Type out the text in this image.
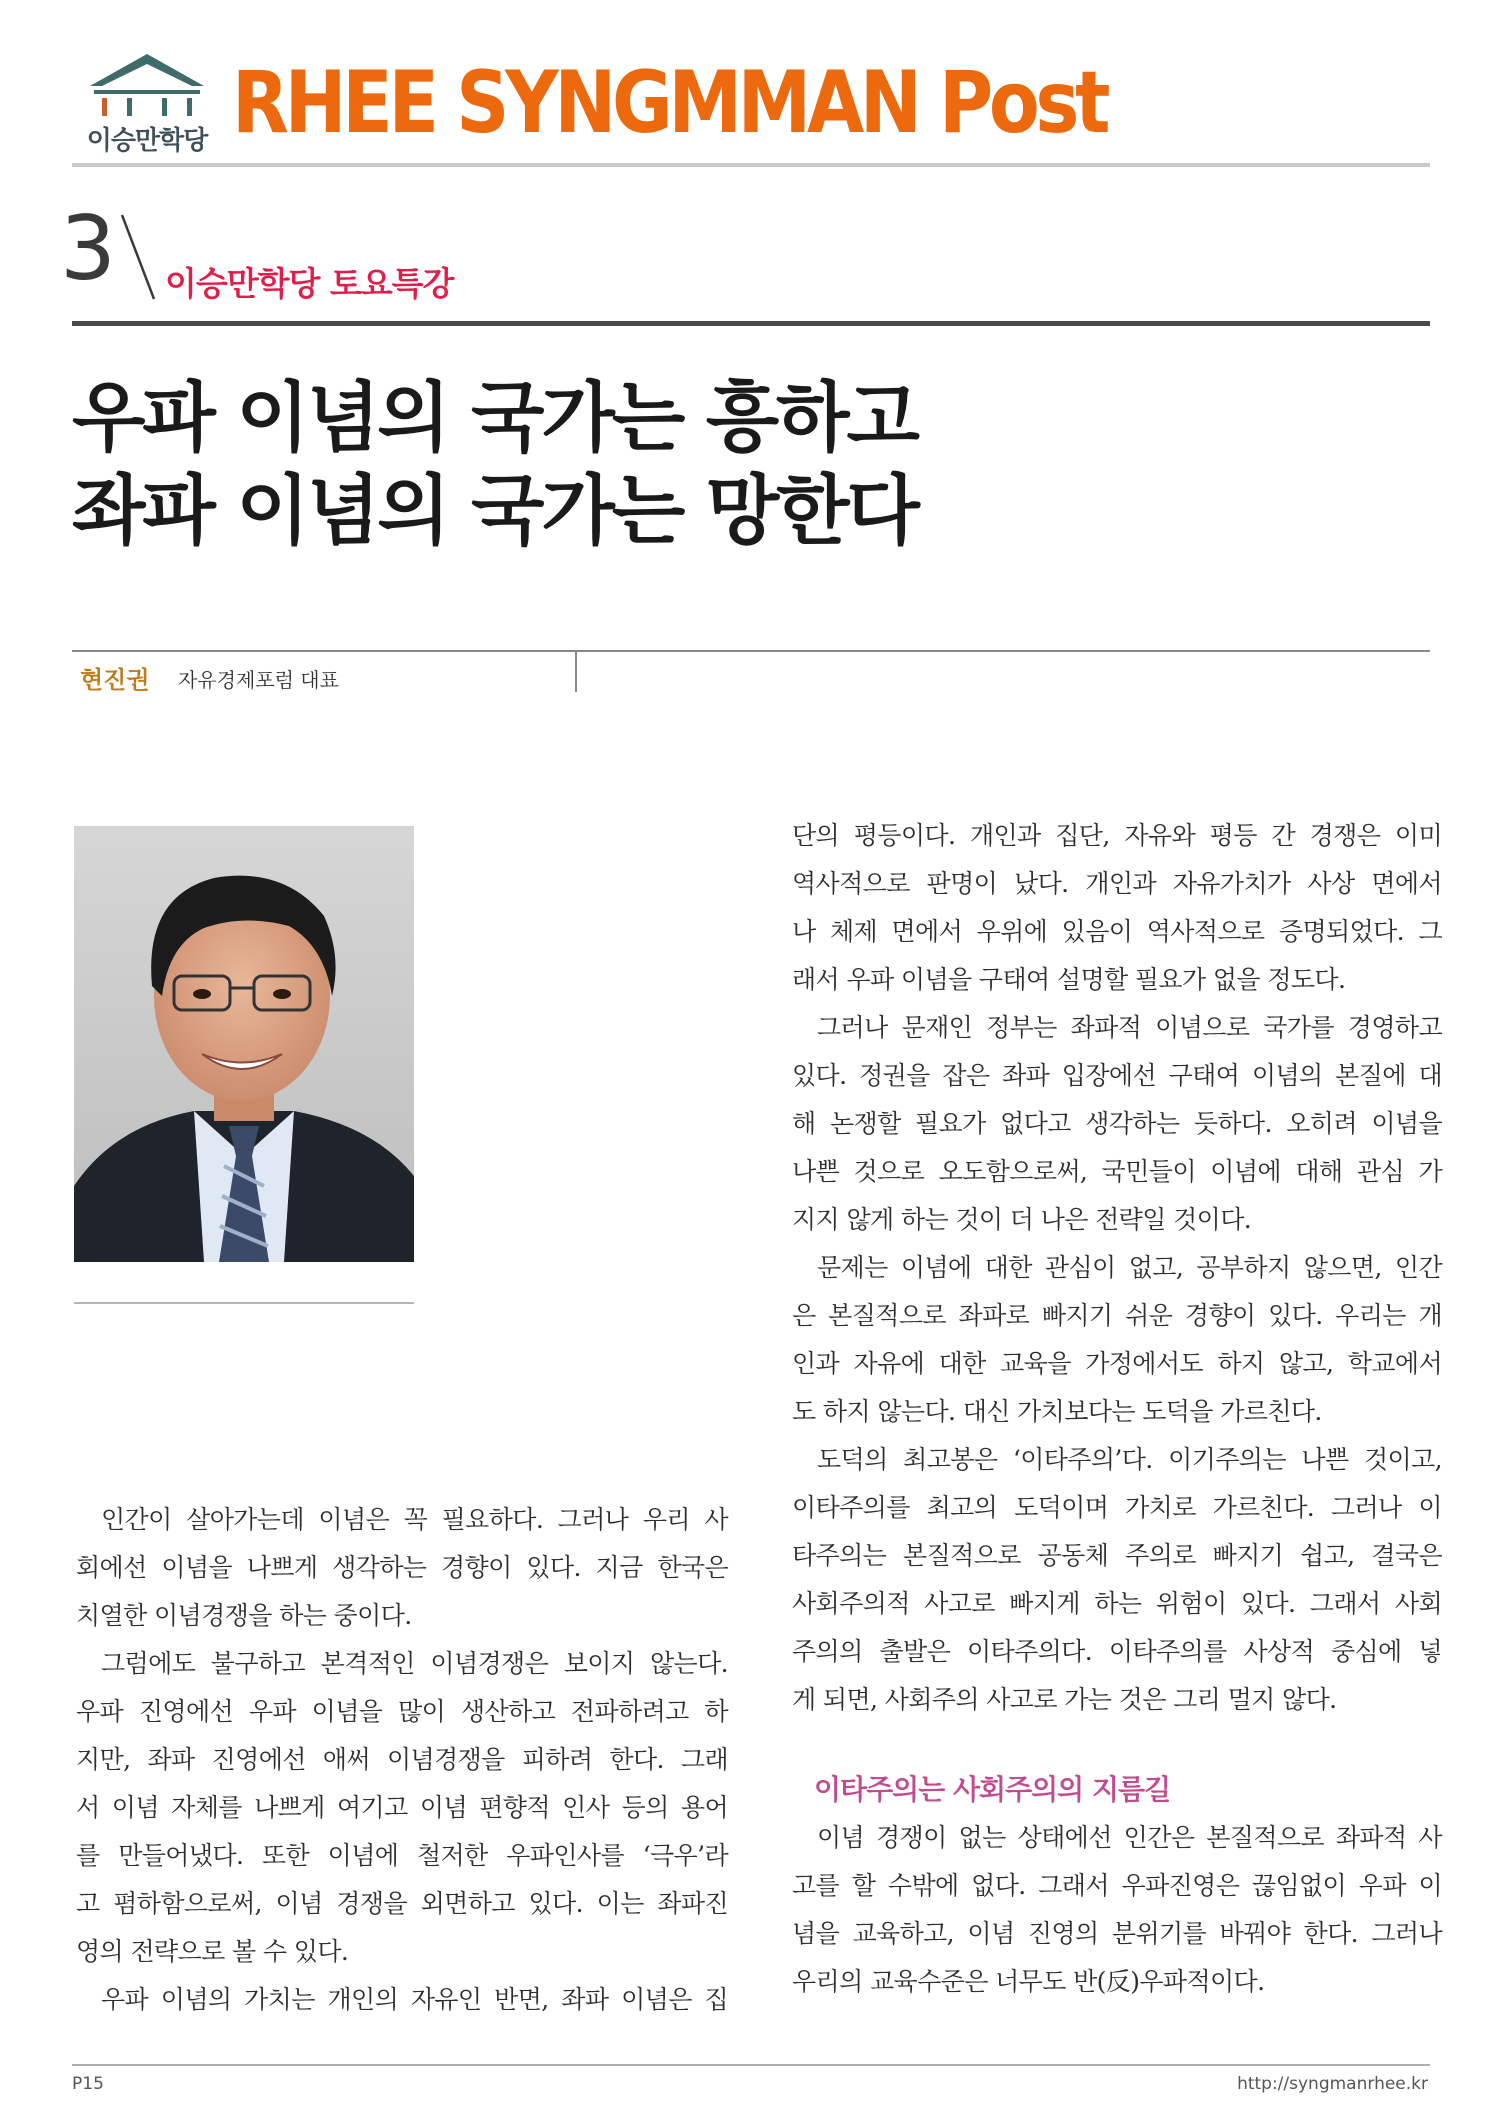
이승만학당 RHEE SYNGMMAN Post
3 이승만학당 토요특강
우파 이념의 국가는 흥하고
좌파 이념의 국가는 망한다
현진권 자유경제포럼 대표
인간이 살아가는데 이념은 꼭 필요하다. 그러나 우리 사
회에선 이념을 나쁘게 생각하는 경향이 있다. 지금 한국은
치열한 이념경쟁을 하는 중이다.
그럼에도 불구하고 본격적인 이념경쟁은 보이지 않는다.
우파 진영에선 우파 이념을 많이 생산하고 전파하려고 하
지만, 좌파 진영에선 애써 이념경쟁을 피하려 한다. 그래
서 이념 자체를 나쁘게 여기고 이념 편향적 인사 등의 용어
를 만들어냈다. 또한 이념에 철저한 우파인사를 ‘극우’라
고 폄하함으로써, 이념 경쟁을 외면하고 있다. 이는 좌파진
영의 전략으로 볼 수 있다.
우파 이념의 가치는 개인의 자유인 반면, 좌파 이념은 집
단의 평등이다. 개인과 집단, 자유와 평등 간 경쟁은 이미
역사적으로 판명이 났다. 개인과 자유가치가 사상 면에서
나 체제 면에서 우위에 있음이 역사적으로 증명되었다. 그
래서 우파 이념을 구태여 설명할 필요가 없을 정도다.
그러나 문재인 정부는 좌파적 이념으로 국가를 경영하고
있다. 정권을 잡은 좌파 입장에선 구태여 이념의 본질에 대
해 논쟁할 필요가 없다고 생각하는 듯하다. 오히려 이념을
나쁜 것으로 오도함으로써, 국민들이 이념에 대해 관심 가
지지 않게 하는 것이 더 나은 전략일 것이다.
문제는 이념에 대한 관심이 없고, 공부하지 않으면, 인간
은 본질적으로 좌파로 빠지기 쉬운 경향이 있다. 우리는 개
인과 자유에 대한 교육을 가정에서도 하지 않고, 학교에서
도 하지 않는다. 대신 가치보다는 도덕을 가르친다.
도덕의 최고봉은 ‘이타주의’다. 이기주의는 나쁜 것이고,
이타주의를 최고의 도덕이며 가치로 가르친다. 그러나 이
타주의는 본질적으로 공동체 주의로 빠지기 쉽고, 결국은
사회주의적 사고로 빠지게 하는 위험이 있다. 그래서 사회
주의의 출발은 이타주의다. 이타주의를 사상적 중심에 넣
게 되면, 사회주의 사고로 가는 것은 그리 멀지 않다.
이타주의는 사회주의의 지름길
이념 경쟁이 없는 상태에선 인간은 본질적으로 좌파적 사
고를 할 수밖에 없다. 그래서 우파진영은 끊임없이 우파 이
념을 교육하고, 이념 진영의 분위기를 바꿔야 한다. 그러나
우리의 교육수준은 너무도 반(反)우파적이다.
P15	http://syngmanrhee.kr
